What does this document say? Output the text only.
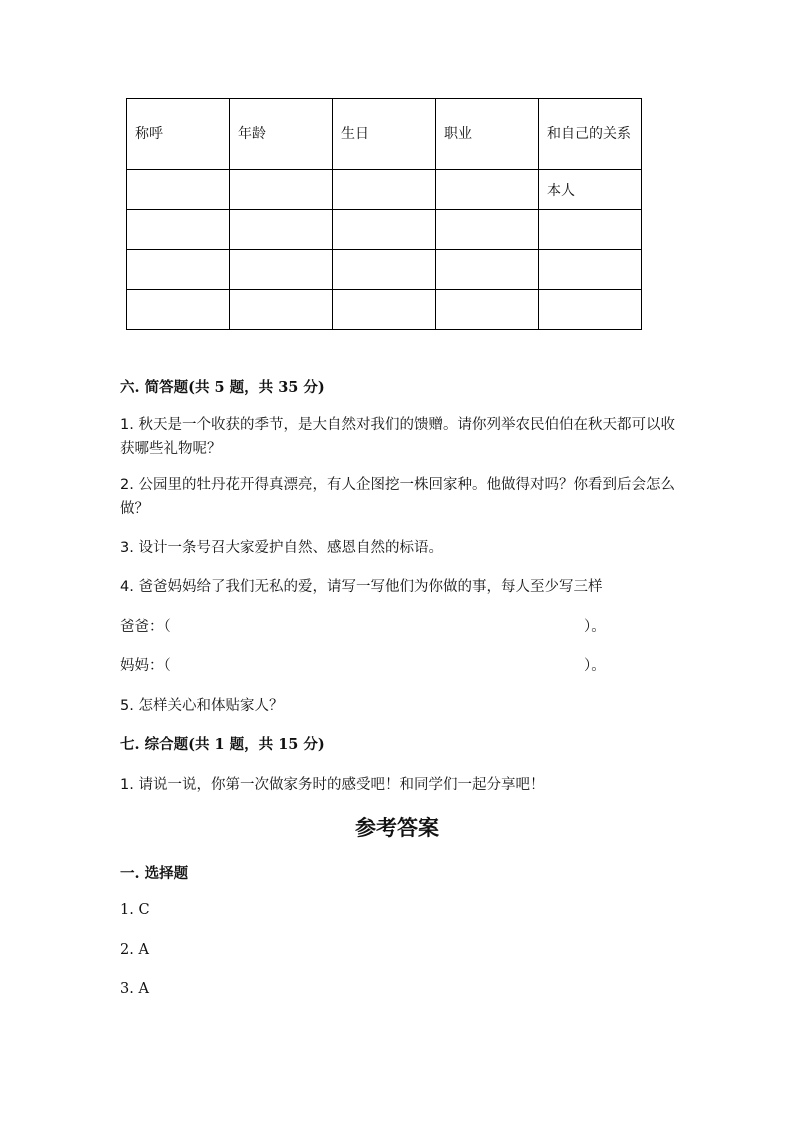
称呼	年龄	生日	职业	和自己的关系
				本人

六. 简答题(共 5 题，共 35 分)
1. 秋天是一个收获的季节，是大自然对我们的馈赠。请你列举农民伯伯在秋天都可以收获哪些礼物呢？
2. 公园里的牡丹花开得真漂亮，有人企图挖一株回家种。他做得对吗？你看到后会怎么做？
3. 设计一条号召大家爱护自然、感恩自然的标语。
4. 爸爸妈妈给了我们无私的爱，请写一写他们为你做的事，每人至少写三样
爸爸：（	）。
妈妈：（	）。
5. 怎样关心和体贴家人？
七. 综合题(共 1 题，共 15 分)
1. 请说一说，你第一次做家务时的感受吧！和同学们一起分享吧！
参考答案
一. 选择题
1. C
2. A
3. A
